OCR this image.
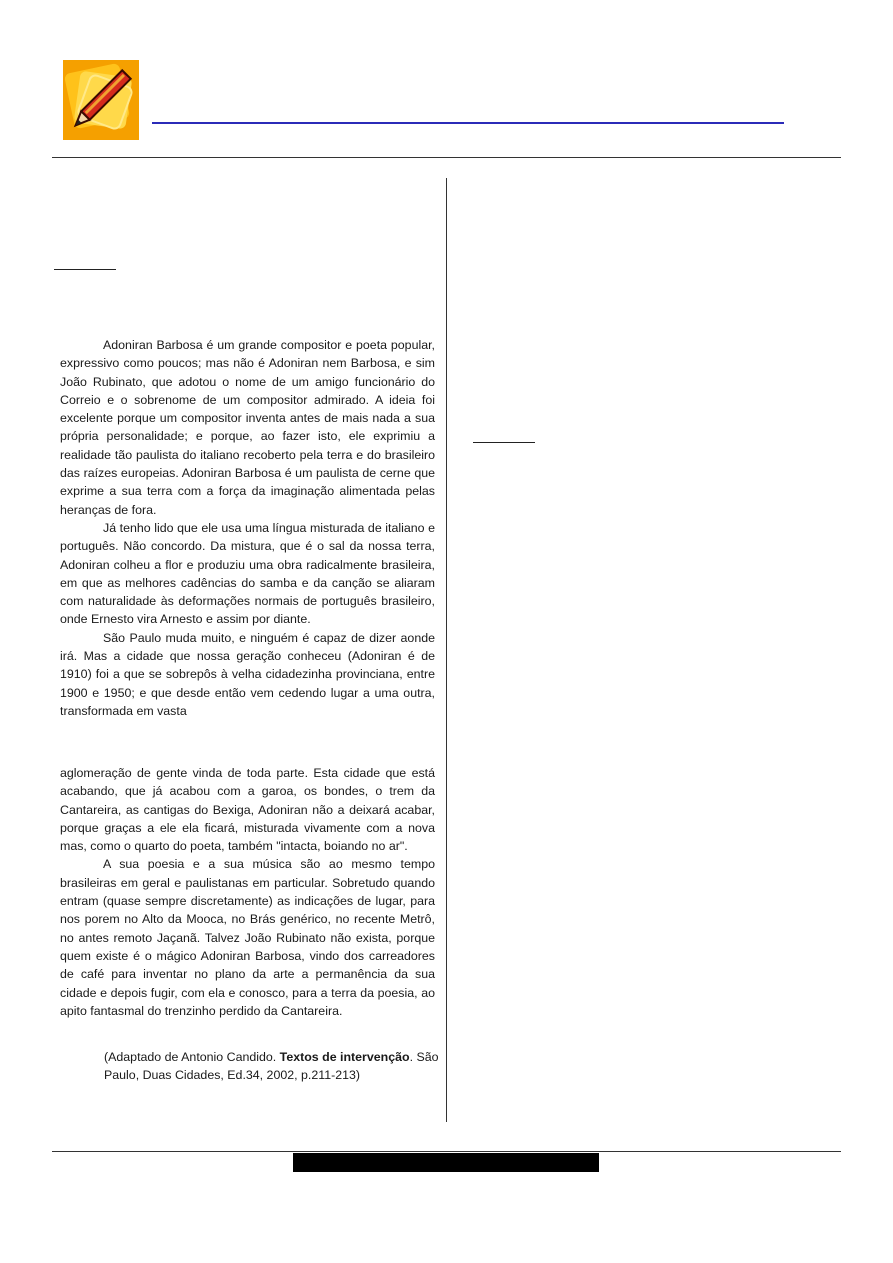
Adoniran Barbosa é um grande compositor e poeta popular, expressivo como poucos; mas não é Adoniran nem Barbosa, e sim João Rubinato, que adotou o nome de um amigo funcionário do Correio e o sobrenome de um compositor admirado. A ideia foi excelente porque um compositor inventa antes de mais nada a sua própria personalidade; e porque, ao fazer isto, ele exprimiu a realidade tão paulista do italiano recoberto pela terra e do brasileiro das raízes europeias. Adoniran Barbosa é um paulista de cerne que exprime a sua terra com a força da imaginação alimentada pelas heranças de fora.

Já tenho lido que ele usa uma língua misturada de italiano e português. Não concordo. Da mistura, que é o sal da nossa terra, Adoniran colheu a flor e produziu uma obra radicalmente brasileira, em que as melhores cadências do samba e da canção se aliaram com naturalidade às deformações normais de português brasileiro, onde Ernesto vira Arnesto e assim por diante.

São Paulo muda muito, e ninguém é capaz de dizer aonde irá. Mas a cidade que nossa geração conheceu (Adoniran é de 1910) foi a que se sobrepôs à velha cidadezinha provinciana, entre 1900 e 1950; e que desde então vem cedendo lugar a uma outra, transformada em vasta

aglomeração de gente vinda de toda parte. Esta cidade que está acabando, que já acabou com a garoa, os bondes, o trem da Cantareira, as cantigas do Bexiga, Adoniran não a deixará acabar, porque graças a ele ela ficará, misturada vivamente com a nova mas, como o quarto do poeta, também "intacta, boiando no ar".

A sua poesia e a sua música são ao mesmo tempo brasileiras em geral e paulistanas em particular. Sobretudo quando entram (quase sempre discretamente) as indicações de lugar, para nos porem no Alto da Mooca, no Brás genérico, no recente Metrô, no antes remoto Jaçanã. Talvez João Rubinato não exista, porque quem existe é o mágico Adoniran Barbosa, vindo dos carreadores de café para inventar no plano da arte a permanência da sua cidade e depois fugir, com ela e conosco, para a terra da poesia, ao apito fantasmal do trenzinho perdido da Cantareira.

(Adaptado de Antonio Candido. Textos de intervenção. São Paulo, Duas Cidades, Ed.34, 2002, p.211-213)
